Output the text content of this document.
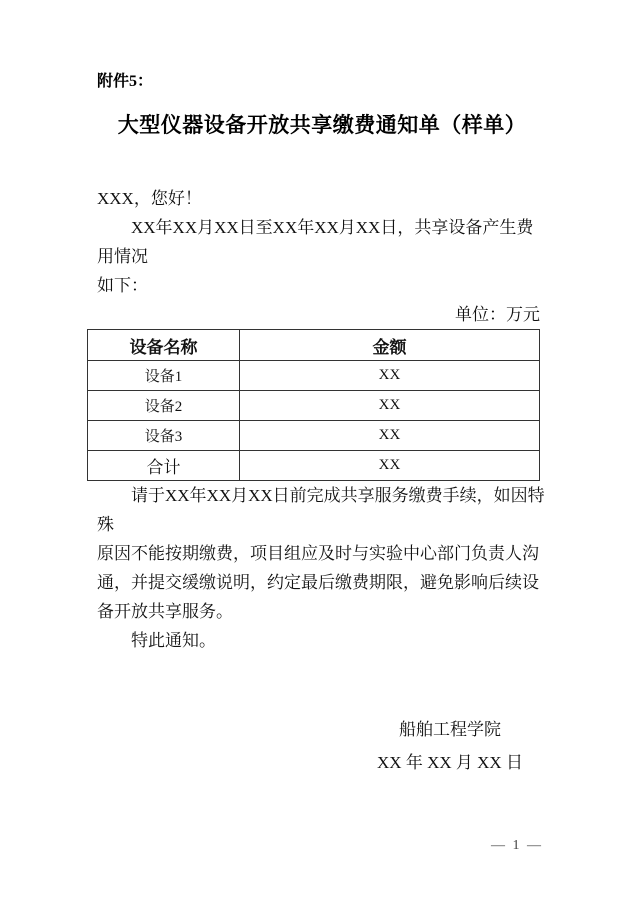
附件5：
大型仪器设备开放共享缴费通知单（样单）
XXX，您好！
XX年XX月XX日至XX年XX月XX日，共享设备产生费用情况
如下：
单位：万元
设备名称	金额
设备1	XX
设备2	XX
设备3	XX
合计	XX
请于XX年XX月XX日前完成共享服务缴费手续，如因特殊
原因不能按期缴费，项目组应及时与实验中心部门负责人沟
通，并提交缓缴说明，约定最后缴费期限，避免影响后续设
备开放共享服务。
特此通知。
船舶工程学院
XX 年 XX 月 XX 日
— 1 —
